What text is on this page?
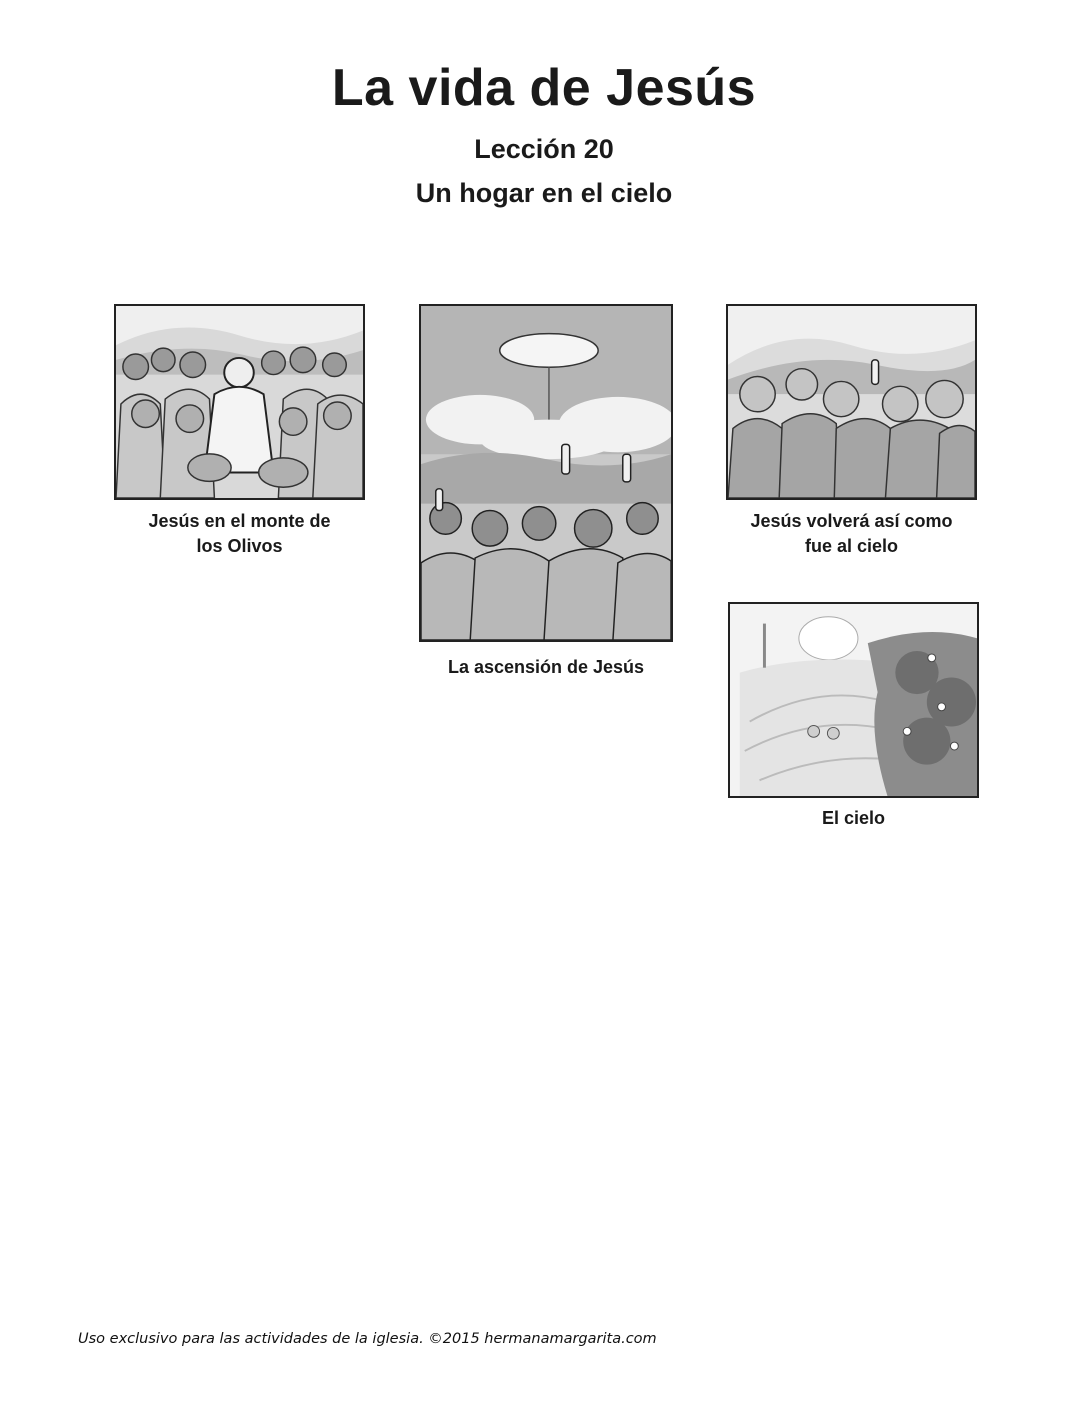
La vida de Jesús
Lección 20
Un hogar en el cielo
Jesús en el monte de
los Olivos
La ascensión de Jesús
Jesús volverá así como
fue al cielo
El cielo
Uso exclusivo para las actividades de la iglesia. ©2015 hermanamargarita.com
